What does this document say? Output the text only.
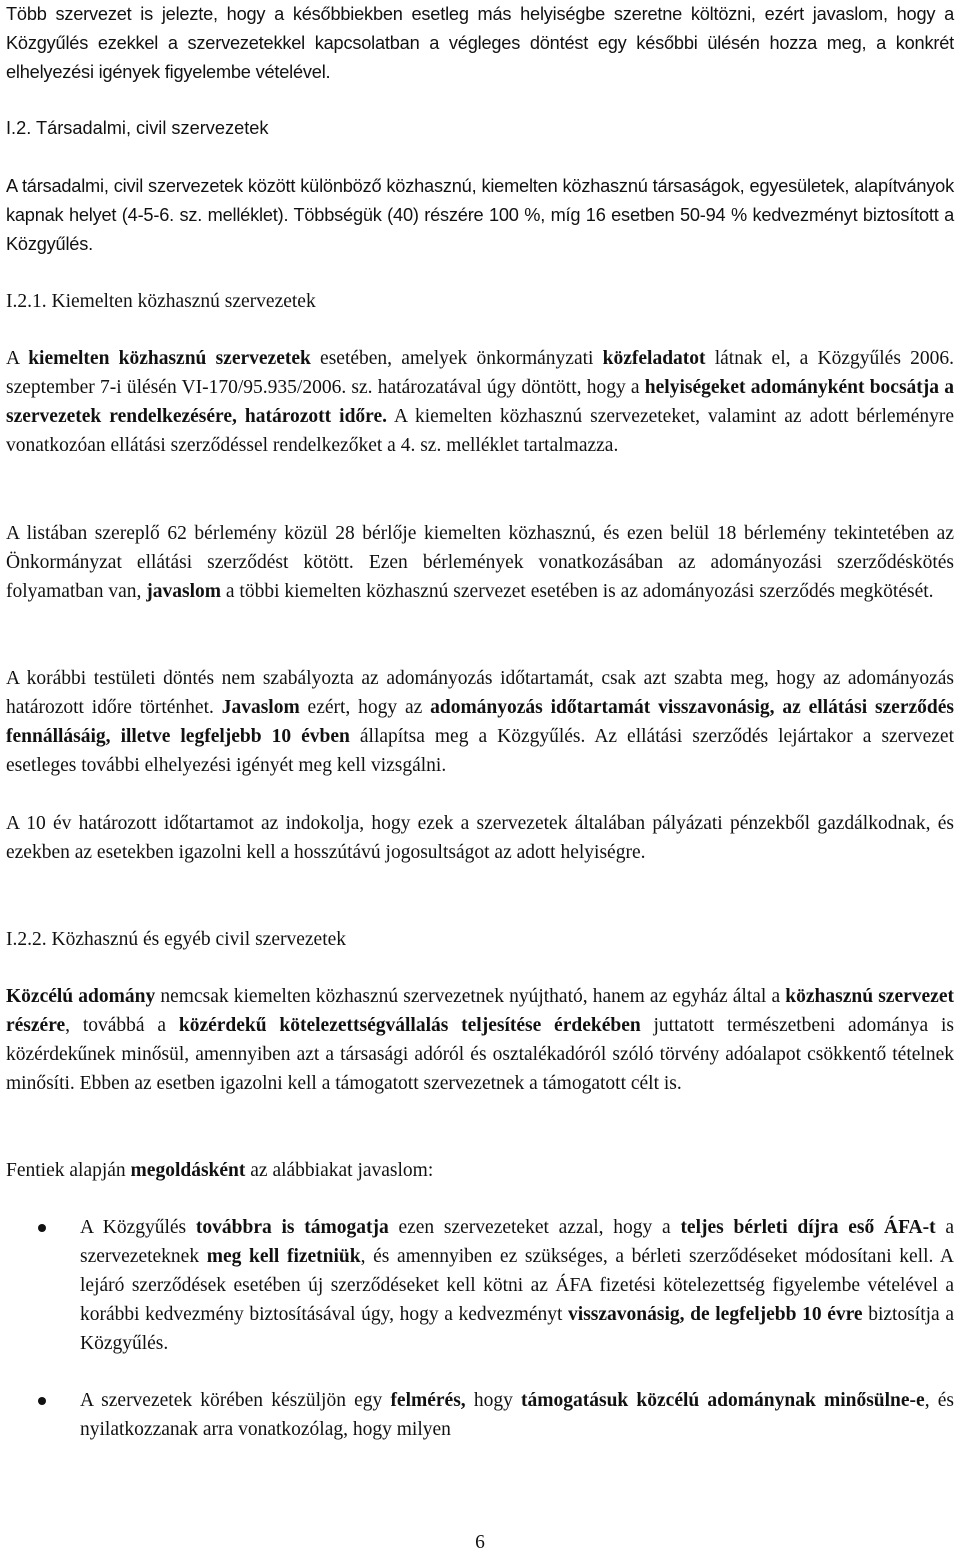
Több szervezet is jelezte, hogy a későbbiekben esetleg más helyiségbe szeretne költözni, ezért javaslom, hogy a Közgyűlés ezekkel a szervezetekkel kapcsolatban a végleges döntést egy későbbi ülésén hozza meg, a konkrét elhelyezési igények figyelembe vételével.

I.2. Társadalmi, civil szervezetek

A társadalmi, civil szervezetek között különböző közhasznú, kiemelten közhasznú társaságok, egyesületek, alapítványok kapnak helyet (4-5-6. sz. melléklet). Többségük (40) részére 100 %, míg 16 esetben 50-94 % kedvezményt biztosított a Közgyűlés.

I.2.1. Kiemelten közhasznú szervezetek

A kiemelten közhasznú szervezetek esetében, amelyek önkormányzati közfeladatot látnak el, a Közgyűlés 2006. szeptember 7-i ülésén VI-170/95.935/2006. sz. határozatával úgy döntött, hogy a helyiségeket adományként bocsátja a szervezetek rendelkezésére, határozott időre. A kiemelten közhasznú szervezeteket, valamint az adott bérleményre vonatkozóan ellátási szerződéssel rendelkezőket a 4. sz. melléklet tartalmazza.

A listában szereplő 62 bérlemény közül 28 bérlője kiemelten közhasznú, és ezen belül 18 bérlemény tekintetében az Önkormányzat ellátási szerződést kötött. Ezen bérlemények vonatkozásában az adományozási szerződéskötés folyamatban van, javaslom a többi kiemelten közhasznú szervezet esetében is az adományozási szerződés megkötését.

A korábbi testületi döntés nem szabályozta az adományozás időtartamát, csak azt szabta meg, hogy az adományozás határozott időre történhet. Javaslom ezért, hogy az adományozás időtartamát visszavonásig, az ellátási szerződés fennállásáig, illetve legfeljebb 10 évben állapítsa meg a Közgyűlés. Az ellátási szerződés lejártakor a szervezet esetleges további elhelyezési igényét meg kell vizsgálni.

A 10 év határozott időtartamot az indokolja, hogy ezek a szervezetek általában pályázati pénzekből gazdálkodnak, és ezekben az esetekben igazolni kell a hosszútávú jogosultságot az adott helyiségre.

I.2.2. Közhasznú és egyéb civil szervezetek

Közcélú adomány nemcsak kiemelten közhasznú szervezetnek nyújtható, hanem az egyház által a közhasznú szervezet részére, továbbá a közérdekű kötelezettségvállalás teljesítése érdekében juttatott természetbeni adománya is közérdekűnek minősül, amennyiben azt a társasági adóról és osztalékadóról szóló törvény adóalapot csökkentő tételnek minősíti. Ebben az esetben igazolni kell a támogatott szervezetnek a támogatott célt is.

Fentiek alapján megoldásként az alábbiakat javaslom:

A Közgyűlés továbbra is támogatja ezen szervezeteket azzal, hogy a teljes bérleti díjra eső ÁFA-t a szervezeteknek meg kell fizetniük, és amennyiben ez szükséges, a bérleti szerződéseket módosítani kell. A lejáró szerződések esetében új szerződéseket kell kötni az ÁFA fizetési kötelezettség figyelembe vételével a korábbi kedvezmény biztosításával úgy, hogy a kedvezményt visszavonásig, de legfeljebb 10 évre biztosítja a Közgyűlés.
A szervezetek körében készüljön egy felmérés, hogy támogatásuk közcélú adománynak minősülne-e, és nyilatkozzanak arra vonatkozólag, hogy milyen
6
